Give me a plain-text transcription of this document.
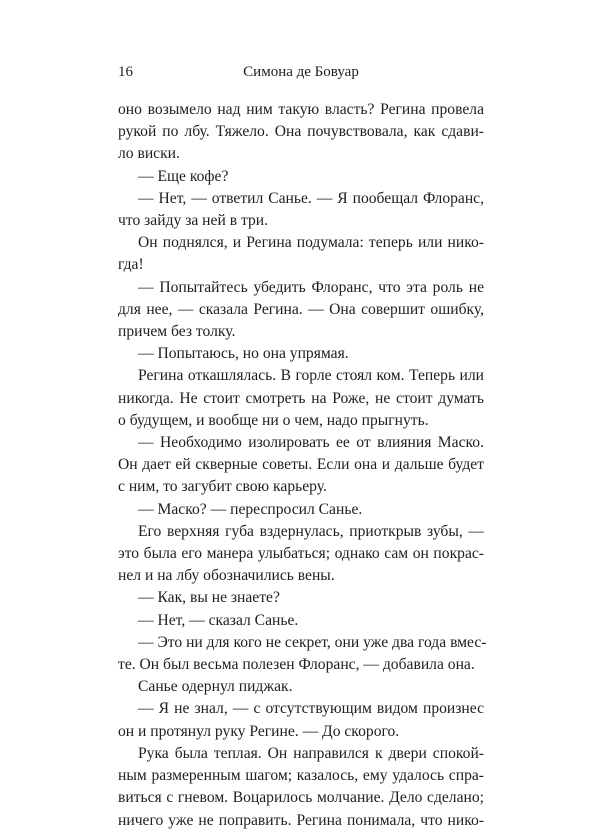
16	Симона де Бовуар
оно возымело над ним такую власть? Регина провела
рукой по лбу. Тяжело. Она почувствовала, как сдави-
ло виски.
— Еще кофе?
— Нет, — ответил Санье. — Я пообещал Флоранс,
что зайду за ней в три.
Он поднялся, и Регина подумала: теперь или нико-
гда!
— Попытайтесь убедить Флоранс, что эта роль не
для нее, — сказала Регина. — Она совершит ошибку,
причем без толку.
— Попытаюсь, но она упрямая.
Регина откашлялась. В горле стоял ком. Теперь или
никогда. Не стоит смотреть на Роже, не стоит думать
о будущем, и вообще ни о чем, надо прыгнуть.
— Необходимо изолировать ее от влияния Маско.
Он дает ей скверные советы. Если она и дальше будет
с ним, то загубит свою карьеру.
— Маско? — переспросил Санье.
Его верхняя губа вздернулась, приоткрыв зубы, —
это была его манера улыбаться; однако сам он покрас-
нел и на лбу обозначились вены.
— Как, вы не знаете?
— Нет, — сказал Санье.
— Это ни для кого не секрет, они уже два года вмес-
те. Он был весьма полезен Флоранс, — добавила она.
Санье одернул пиджак.
— Я не знал, — с отсутствующим видом произнес
он и протянул руку Регине. — До скорого.
Рука была теплая. Он направился к двери спокой-
ным размеренным шагом; казалось, ему удалось спра-
виться с гневом. Воцарилось молчание. Дело сделано;
ничего уже не поправить. Регина понимала, что нико-
